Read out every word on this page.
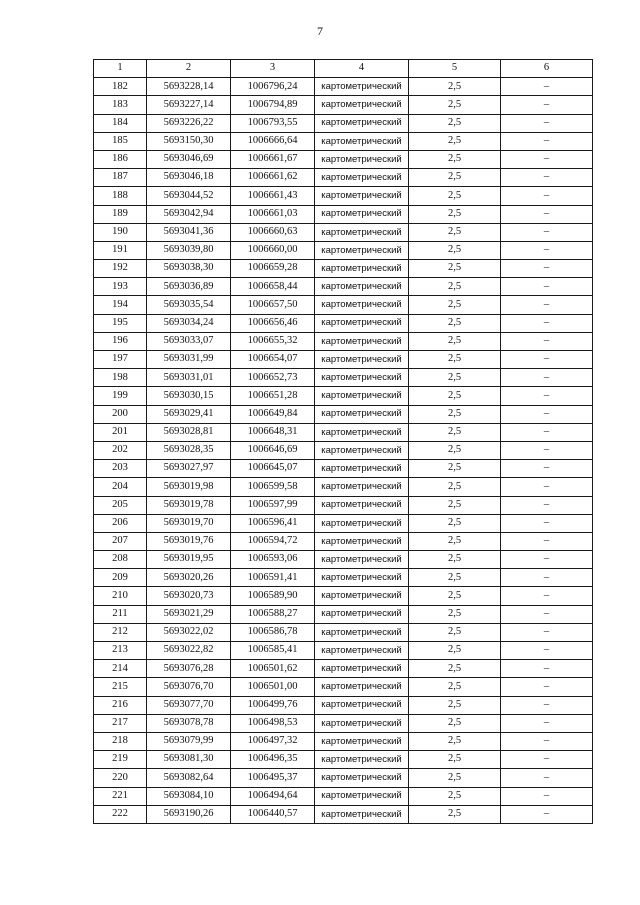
7
1	2	3	4	5	6
182	5693228,14	1006796,24	картометрический	2,5	–
183	5693227,14	1006794,89	картометрический	2,5	–
184	5693226,22	1006793,55	картометрический	2,5	–
185	5693150,30	1006666,64	картометрический	2,5	–
186	5693046,69	1006661,67	картометрический	2,5	–
187	5693046,18	1006661,62	картометрический	2,5	–
188	5693044,52	1006661,43	картометрический	2,5	–
189	5693042,94	1006661,03	картометрический	2,5	–
190	5693041,36	1006660,63	картометрический	2,5	–
191	5693039,80	1006660,00	картометрический	2,5	–
192	5693038,30	1006659,28	картометрический	2,5	–
193	5693036,89	1006658,44	картометрический	2,5	–
194	5693035,54	1006657,50	картометрический	2,5	–
195	5693034,24	1006656,46	картометрический	2,5	–
196	5693033,07	1006655,32	картометрический	2,5	–
197	5693031,99	1006654,07	картометрический	2,5	–
198	5693031,01	1006652,73	картометрический	2,5	–
199	5693030,15	1006651,28	картометрический	2,5	–
200	5693029,41	1006649,84	картометрический	2,5	–
201	5693028,81	1006648,31	картометрический	2,5	–
202	5693028,35	1006646,69	картометрический	2,5	–
203	5693027,97	1006645,07	картометрический	2,5	–
204	5693019,98	1006599,58	картометрический	2,5	–
205	5693019,78	1006597,99	картометрический	2,5	–
206	5693019,70	1006596,41	картометрический	2,5	–
207	5693019,76	1006594,72	картометрический	2,5	–
208	5693019,95	1006593,06	картометрический	2,5	–
209	5693020,26	1006591,41	картометрический	2,5	–
210	5693020,73	1006589,90	картометрический	2,5	–
211	5693021,29	1006588,27	картометрический	2,5	–
212	5693022,02	1006586,78	картометрический	2,5	–
213	5693022,82	1006585,41	картометрический	2,5	–
214	5693076,28	1006501,62	картометрический	2,5	–
215	5693076,70	1006501,00	картометрический	2,5	–
216	5693077,70	1006499,76	картометрический	2,5	–
217	5693078,78	1006498,53	картометрический	2,5	–
218	5693079,99	1006497,32	картометрический	2,5	–
219	5693081,30	1006496,35	картометрический	2,5	–
220	5693082,64	1006495,37	картометрический	2,5	–
221	5693084,10	1006494,64	картометрический	2,5	–
222	5693190,26	1006440,57	картометрический	2,5	–
